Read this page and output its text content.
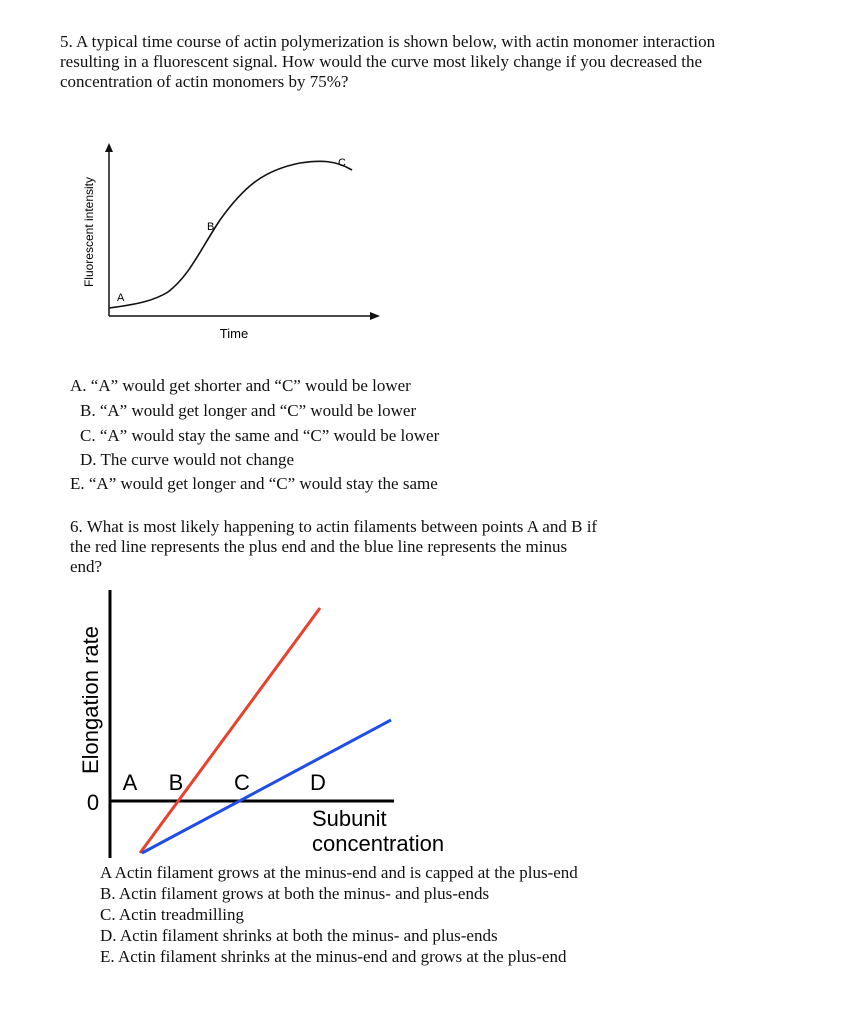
5. A typical time course of actin polymerization is shown below, with actin monomer interaction
resulting in a fluorescent signal. How would the curve most likely change if you decreased the
concentration of actin monomers by 75%?
Fluorescent intensity
Time
A
B
C
Elongation rate
0
A B C	D
Subunit
concentration
A. “A” would get shorter and “C” would be lower
B. “A” would get longer and “C” would be lower
C. “A” would stay the same and “C” would be lower
D. The curve would not change
E. “A” would get longer and “C” would stay the same
6. What is most likely happening to actin filaments between points A and B if
the red line represents the plus end and the blue line represents the minus
end?
A Actin filament grows at the minus-end and is capped at the plus-end
B. Actin filament grows at both the minus- and plus-ends
C. Actin treadmilling
D. Actin filament shrinks at both the minus- and plus-ends
E. Actin filament shrinks at the minus-end and grows at the plus-end
